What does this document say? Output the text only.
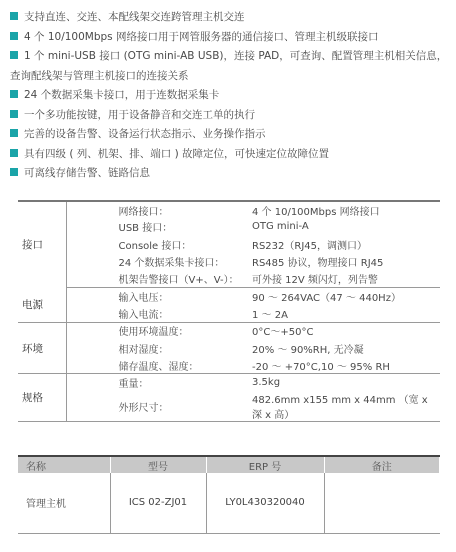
支持直连、交连、本配线架交连跨管理主机交连
4 个 10/100Mbps 网络接口用于网管服务器的通信接口、管理主机级联接口
1 个 mini-USB 接口 (OTG mini-AB USB)，连接 PAD，可查询、配置管理主机相关信息，查询配线架与管理主机接口的连接关系
24 个数据采集卡接口，用于连数据采集卡
一个多功能按键，用于设备静音和交连工单的执行
完善的设备告警、设备运行状态指示、业务操作指示
具有四级 ( 列、机架、排、端口 ) 故障定位，可快速定位故障位置
可离线存储告警、链路信息
接口	网络接口：	4 个 10/100Mbps 网络接口
	USB 接口：	OTG mini-A
	Console 接口：	RS232（RJ45，调测口）
	24 个数据采集卡接口：	RS485 协议，物理接口 RJ45
	机架告警接口（V+、V-）：	可外接 12V 频闪灯，列告警
电源	输入电压：	90 ～ 264VAC（47 ～ 440Hz）
	输入电流：	1 ～ 2A
环境	使用环境温度：	0°C～+50°C
	相对湿度：	20% ～ 90%RH, 无冷凝
	储存温度、湿度：	-20 ～ +70°C,10 ～ 95% RH
规格	重量：	3.5kg
	外形尺寸：	482.6mm x155 mm x 44mm （宽 x 深 x 高）
名称	型号	ERP 号	备注
管理主机	ICS 02-ZJ01	LY0L430320040	
